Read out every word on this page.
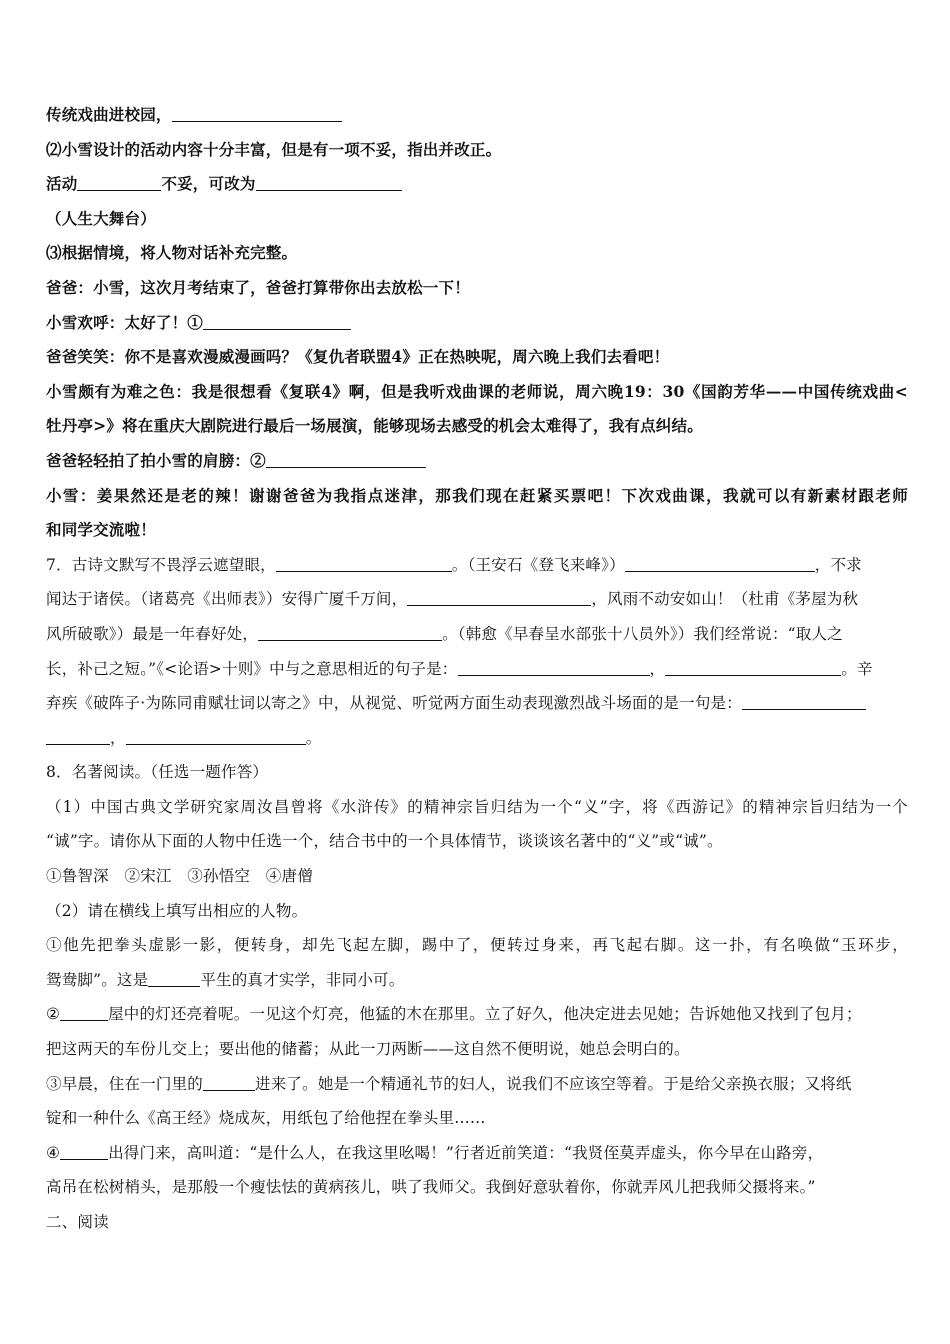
传统戏曲进校园，
⑵小雪设计的活动内容十分丰富，但是有一项不妥，指出并改正。
活动	不妥，可改为
（人生大舞台）
⑶根据情境，将人物对话补充完整。
爸爸：小雪，这次月考结束了，爸爸打算带你出去放松一下！
小雪欢呼：太好了！①
爸爸笑笑：你不是喜欢漫威漫画吗？《复仇者联盟4》正在热映呢，周六晚上我们去看吧！
小雪颇有为难之色：我是很想看《复联4》啊，但是我听戏曲课的老师说，周六晚19：30《国韵芳华——中国传统戏曲<
牡丹亭>》将在重庆大剧院进行最后一场展演，能够现场去感受的机会太难得了，我有点纠结。
爸爸轻轻拍了拍小雪的肩膀：②
小雪：姜果然还是老的辣！谢谢爸爸为我指点迷津，那我们现在赶紧买票吧！下次戏曲课，我就可以有新素材跟老师
和同学交流啦！
7．古诗文默写不畏浮云遮望眼，	。（王安石《登飞来峰》）	，不求
闻达于诸侯。（诸葛亮《出师表》）安得广厦千万间，	，风雨不动安如山！（杜甫《茅屋为秋
风所破歌》）最是一年春好处，	。（韩愈《早春呈水部张十八员外》）我们经常说：“取人之
长，补己之短。”《<论语>十则》中与之意思相近的句子是：	，	。辛
弃疾《破阵子·为陈同甫赋壮词以寄之》中，从视觉、听觉两方面生动表现激烈战斗场面的是一句是：
，	。
8．名著阅读。（任选一题作答）
（1）中国古典文学研究家周汝昌曾将《水浒传》的精神宗旨归结为一个“义”字，将《西游记》的精神宗旨归结为一个
“诚”字。请你从下面的人物中任选一个，结合书中的一个具体情节，谈谈该名著中的“义”或“诚”。
①鲁智深　②宋江　③孙悟空　④唐僧
（2）请在横线上填写出相应的人物。
①他先把拳头虚影一影，便转身，却先飞起左脚，踢中了，便转过身来，再飞起右脚。这一扑，有名唤做“玉环步，
鸳鸯脚”。这是	平生的真才实学，非同小可。
②	屋中的灯还亮着呢。一见这个灯亮，他猛的木在那里。立了好久，他决定进去见她；告诉她他又找到了包月；
把这两天的车份儿交上；要出他的储蓄；从此一刀两断——这自然不便明说，她总会明白的。
③早晨，住在一门里的	进来了。她是一个精通礼节的妇人，说我们不应该空等着。于是给父亲换衣服；又将纸
锭和一种什么《高王经》烧成灰，用纸包了给他捏在拳头里……
④	出得门来，高叫道：“是什么人，在我这里吆喝！”行者近前笑道：“我贤侄莫弄虚头，你今早在山路旁，
高吊在松树梢头，是那般一个瘦怯怯的黄病孩儿，哄了我师父。我倒好意驮着你，你就弄风儿把我师父摄将来。”
二、阅读
